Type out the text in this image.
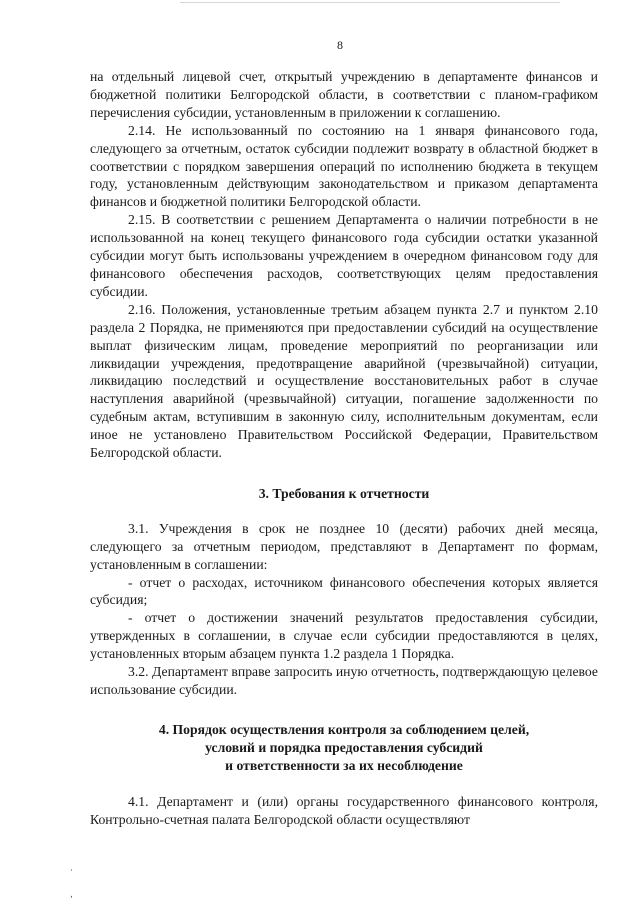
8

на отдельный лицевой счет, открытый учреждению в департаменте финансов и бюджетной политики Белгородской области, в соответствии с планом-графиком перечисления субсидии, установленным в приложении к соглашению.

2.14. Не использованный по состоянию на 1 января финансового года, следующего за отчетным, остаток субсидии подлежит возврату в областной бюджет в соответствии с порядком завершения операций по исполнению бюджета в текущем году, установленным действующим законодательством и приказом департамента финансов и бюджетной политики Белгородской области.

2.15. В соответствии с решением Департамента о наличии потребности в не использованной на конец текущего финансового года субсидии остатки указанной субсидии могут быть использованы учреждением в очередном финансовом году для финансового обеспечения расходов, соответствующих целям предоставления субсидии.

2.16. Положения, установленные третьим абзацем пункта 2.7 и пунктом 2.10 раздела 2 Порядка, не применяются при предоставлении субсидий на осуществление выплат физическим лицам, проведение мероприятий по реорганизации или ликвидации учреждения, предотвращение аварийной (чрезвычайной) ситуации, ликвидацию последствий и осуществление восстановительных работ в случае наступления аварийной (чрезвычайной) ситуации, погашение задолженности по судебным актам, вступившим в законную силу, исполнительным документам, если иное не установлено Правительством Российской Федерации, Правительством Белгородской области.

3. Требования к отчетности

3.1. Учреждения в срок не позднее 10 (десяти) рабочих дней месяца, следующего за отчетным периодом, представляют в Департамент по формам, установленным в соглашении:

- отчет о расходах, источником финансового обеспечения которых является субсидия;

- отчет о достижении значений результатов предоставления субсидии, утвержденных в соглашении, в случае если субсидии предоставляются в целях, установленных вторым абзацем пункта 1.2 раздела 1 Порядка.

3.2. Департамент вправе запросить иную отчетность, подтверждающую целевое использование субсидии.

4. Порядок осуществления контроля за соблюдением целей,
условий и порядка предоставления субсидий
и ответственности за их несоблюдение

4.1. Департамент и (или) органы государственного финансового контроля, Контрольно-счетная палата Белгородской области осуществляют

·
,
